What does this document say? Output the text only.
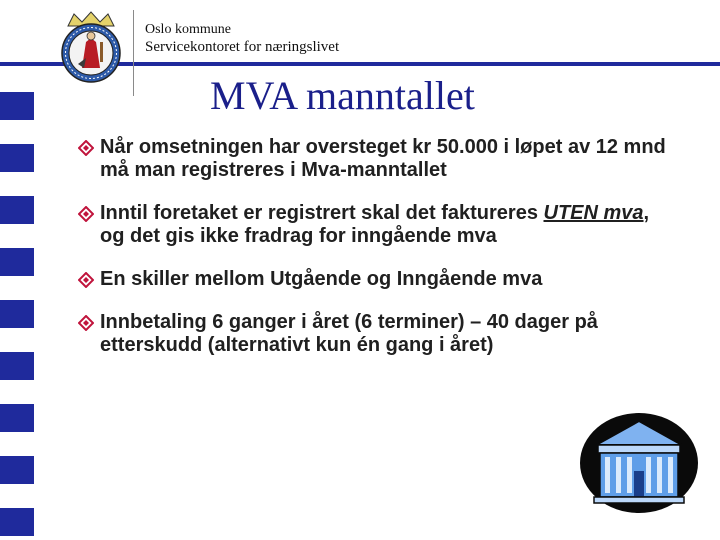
Oslo kommune
Servicekontoret for næringslivet
MVA manntallet
Når omsetningen har oversteget kr 50.000 i løpet av 12 mnd må man registreres i Mva-manntallet
Inntil foretaket er registrert skal det faktureres UTEN mva, og det gis ikke fradrag for inngående mva
En skiller mellom Utgående og Inngående mva
Innbetaling 6 ganger i året (6 terminer) – 40 dager på etterskudd (alternativt kun én gang i året)
